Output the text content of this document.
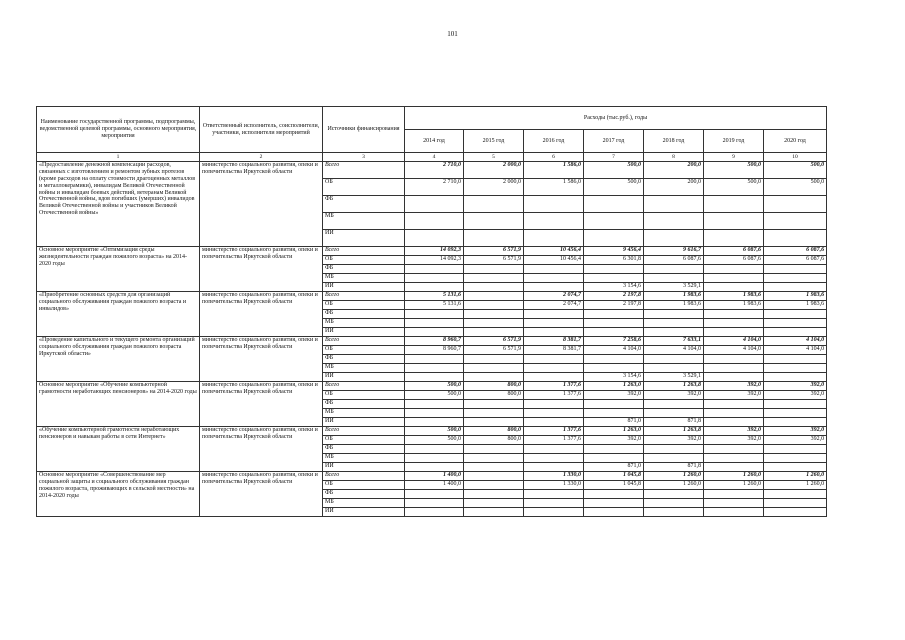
101
Наименование государственной программы, подпрограммы, ведомственной целевой программы, основного мероприятия, мероприятия	Ответственный исполнитель, соисполнители, участники, исполнители мероприятий	Источники финансирования	Расходы (тыс.руб.), годы						
			2014 год	2015 год	2016 год	2017 год	2018 год	2019 год	2020 год
1	2	3	4	5	6	7	8	9	10
«Предоставление денежной компенсации расходов, связанных с изготовлением и ремонтом зубных протезов (кроме расходов на оплату стоимости драгоценных металлов и металлокерамики), инвалидам Великой Отечественной войны и инвалидам боевых действий, ветеранам Великой Отечественной войны, вдов погибших (умерших) инвалидов Великой Отечественной войны и участников Великой Отечественной войны»	министерство социального развития, опеки и попечительства Иркутской области	Всего	2 710,0	2 000,0	1 586,0	500,0	200,0	500,0	500,0
		ОБ	2 710,0	2 000,0	1 586,0	500,0	200,0	500,0	500,0
		ФБ							
		МБ							
		ИИ							
Основное мероприятие «Оптимизация среды жизнедеятельности граждан пожилого возраста» на 2014-2020 годы	министерство социального развития, опеки и попечительства Иркутской области	Всего	14 092,3	6 571,9	10 456,4	9 456,4	9 616,7	6 087,6	6 087,6
		ОБ	14 092,3	6 571,9	10 456,4	6 301,8	6 087,6	6 087,6	6 087,6
		ФБ							
		МБ							
		ИИ				3 154,6	3 529,1		
«Приобретение основных средств для организаций социального обслуживания граждан пожилого возраста и инвалидов»	министерство социального развития, опеки и попечительства Иркутской области	Всего	5 131,6		2 074,7	2 197,8	1 983,6	1 983,6	1 983,6
		ОБ	5 131,6		2 074,7	2 197,8	1 983,6	1 983,6	1 983,6
		ФБ							
		МБ							
		ИИ							
«Проведение капитального и текущего ремонта организаций социального обслуживания граждан пожилого возраста Иркутской области»	министерство социального развития, опеки и попечительства Иркутской области	Всего	8 960,7	6 571,9	8 381,7	7 258,6	7 633,1	4 104,0	4 104,0
		ОБ	8 960,7	6 571,9	8 381,7	4 104,0	4 104,0	4 104,0	4 104,0
		ФБ							
		МБ							
		ИИ				3 154,6	3 529,1		
Основное мероприятие «Обучение компьютерной грамотности неработающих пенсионеров» на 2014-2020 годы	министерство социального развития, опеки и попечительства Иркутской области	Всего	500,0	800,0	1 377,6	1 263,0	1 263,8	392,0	392,0
		ОБ	500,0	800,0	1 377,6	392,0	392,0	392,0	392,0
		ФБ							
		МБ							
		ИИ				871,0	871,8		
«Обучение компьютерной грамотности неработающих пенсионеров и навыкам работы в сети Интернет»	министерство социального развития, опеки и попечительства Иркутской области	Всего	500,0	800,0	1 377,6	1 263,0	1 263,8	392,0	392,0
		ОБ	500,0	800,0	1 377,6	392,0	392,0	392,0	392,0
		ФБ							
		МБ							
		ИИ				871,0	871,8		
Основное мероприятие «Совершенствование мер социальной защиты и социального обслуживания граждан пожилого возраста, проживающих в сельской местности» на 2014-2020 годы	министерство социального развития, опеки и попечительства Иркутской области	Всего	1 400,0		1 330,0	1 045,8	1 260,0	1 260,0	1 260,0
		ОБ	1 400,0		1 330,0	1 045,8	1 260,0	1 260,0	1 260,0
		ФБ							
		МБ							
		ИИ							
